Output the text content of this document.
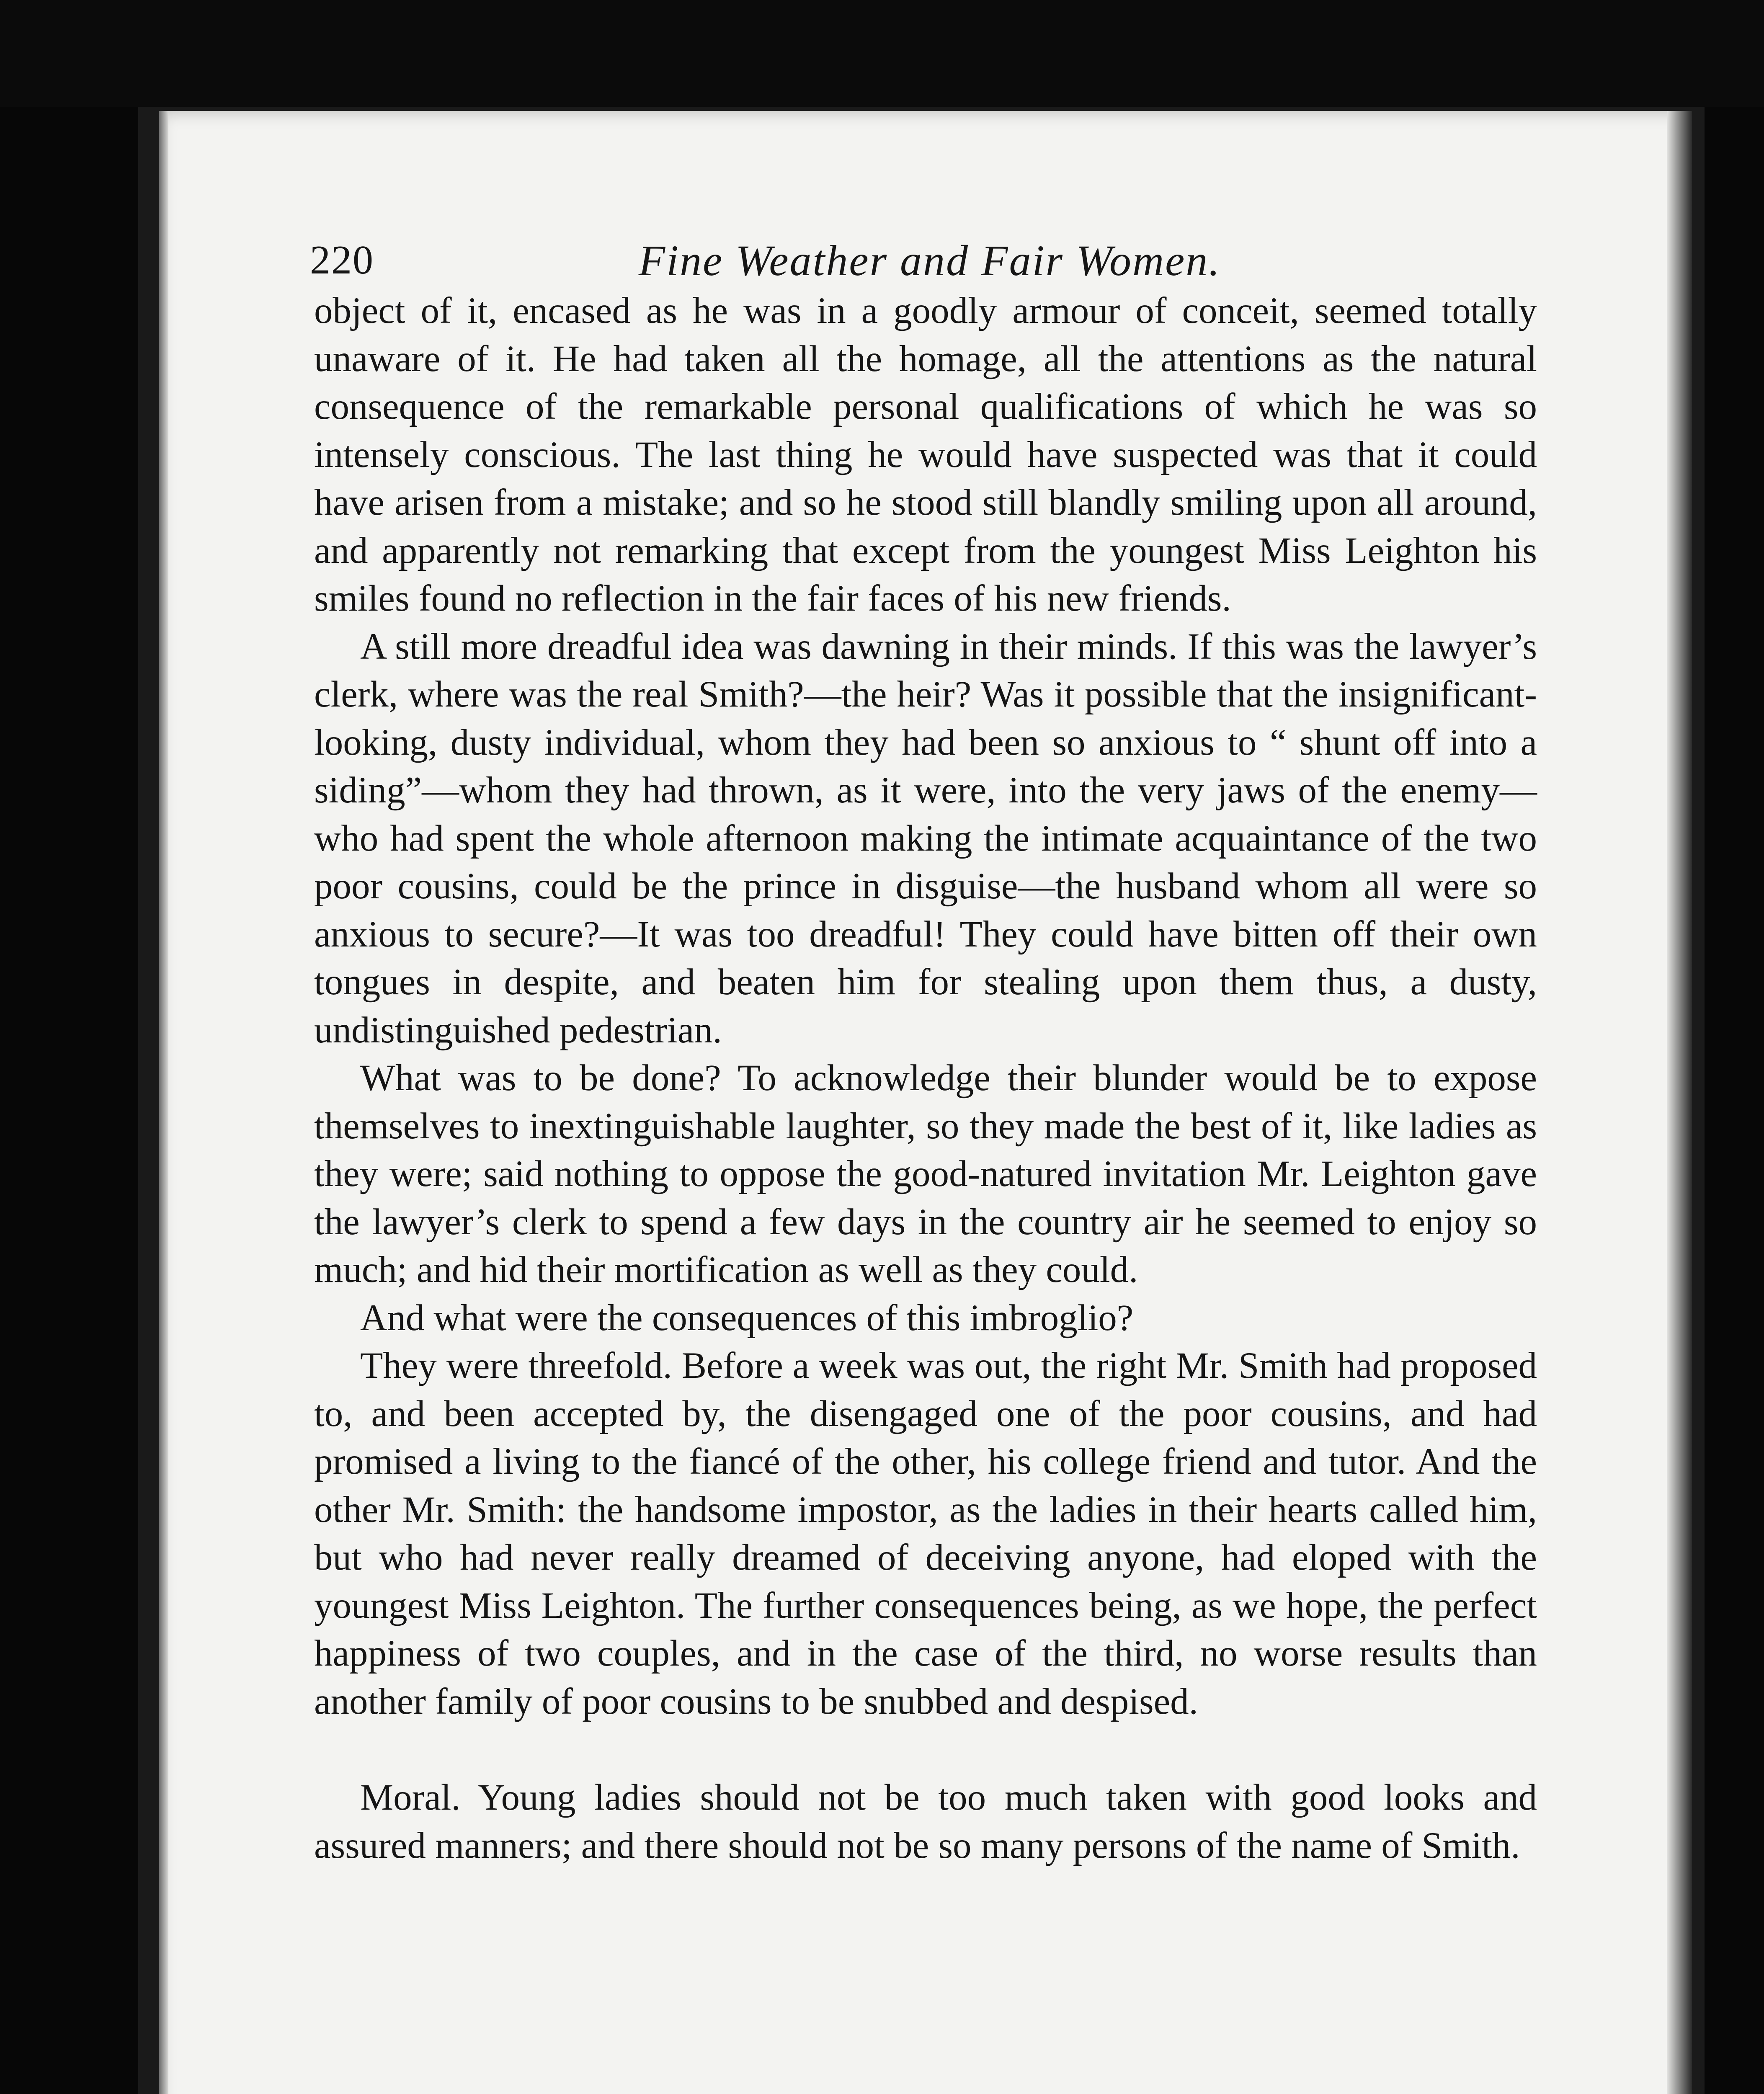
220	Fine Weather and Fair Women.

object of it, encased as he was in a goodly armour of conceit, seemed totally unaware of it. He had taken all the homage, all the attentions as the natural consequence of the remarkable personal qualifications of which he was so intensely conscious. The last thing he would have suspected was that it could have arisen from a mistake; and so he stood still blandly smiling upon all around, and apparently not remarking that except from the youngest Miss Leighton his smiles found no reflection in the fair faces of his new friends.

A still more dreadful idea was dawning in their minds. If this was the lawyer’s clerk, where was the real Smith?—the heir? Was it possible that the insignificant-looking, dusty individual, whom they had been so anxious to “ shunt off into a siding”—whom they had thrown, as it were, into the very jaws of the enemy—who had spent the whole afternoon making the intimate acquaintance of the two poor cousins, could be the prince in disguise—the husband whom all were so anxious to secure?—It was too dreadful! They could have bitten off their own tongues in despite, and beaten him for stealing upon them thus, a dusty, undistinguished pedestrian.

What was to be done? To acknowledge their blunder would be to expose themselves to inextinguishable laughter, so they made the best of it, like ladies as they were; said nothing to oppose the good-natured invitation Mr. Leighton gave the lawyer’s clerk to spend a few days in the country air he seemed to enjoy so much; and hid their mortification as well as they could.

And what were the consequences of this imbroglio?

They were threefold. Before a week was out, the right Mr. Smith had proposed to, and been accepted by, the disengaged one of the poor cousins, and had promised a living to the fiancé of the other, his college friend and tutor. And the other Mr. Smith: the handsome impostor, as the ladies in their hearts called him, but who had never really dreamed of deceiving anyone, had eloped with the youngest Miss Leighton. The further consequences being, as we hope, the perfect happiness of two couples, and in the case of the third, no worse results than another family of poor cousins to be snubbed and despised.

Moral. Young ladies should not be too much taken with good looks and assured manners; and there should not be so many persons of the name of Smith.
